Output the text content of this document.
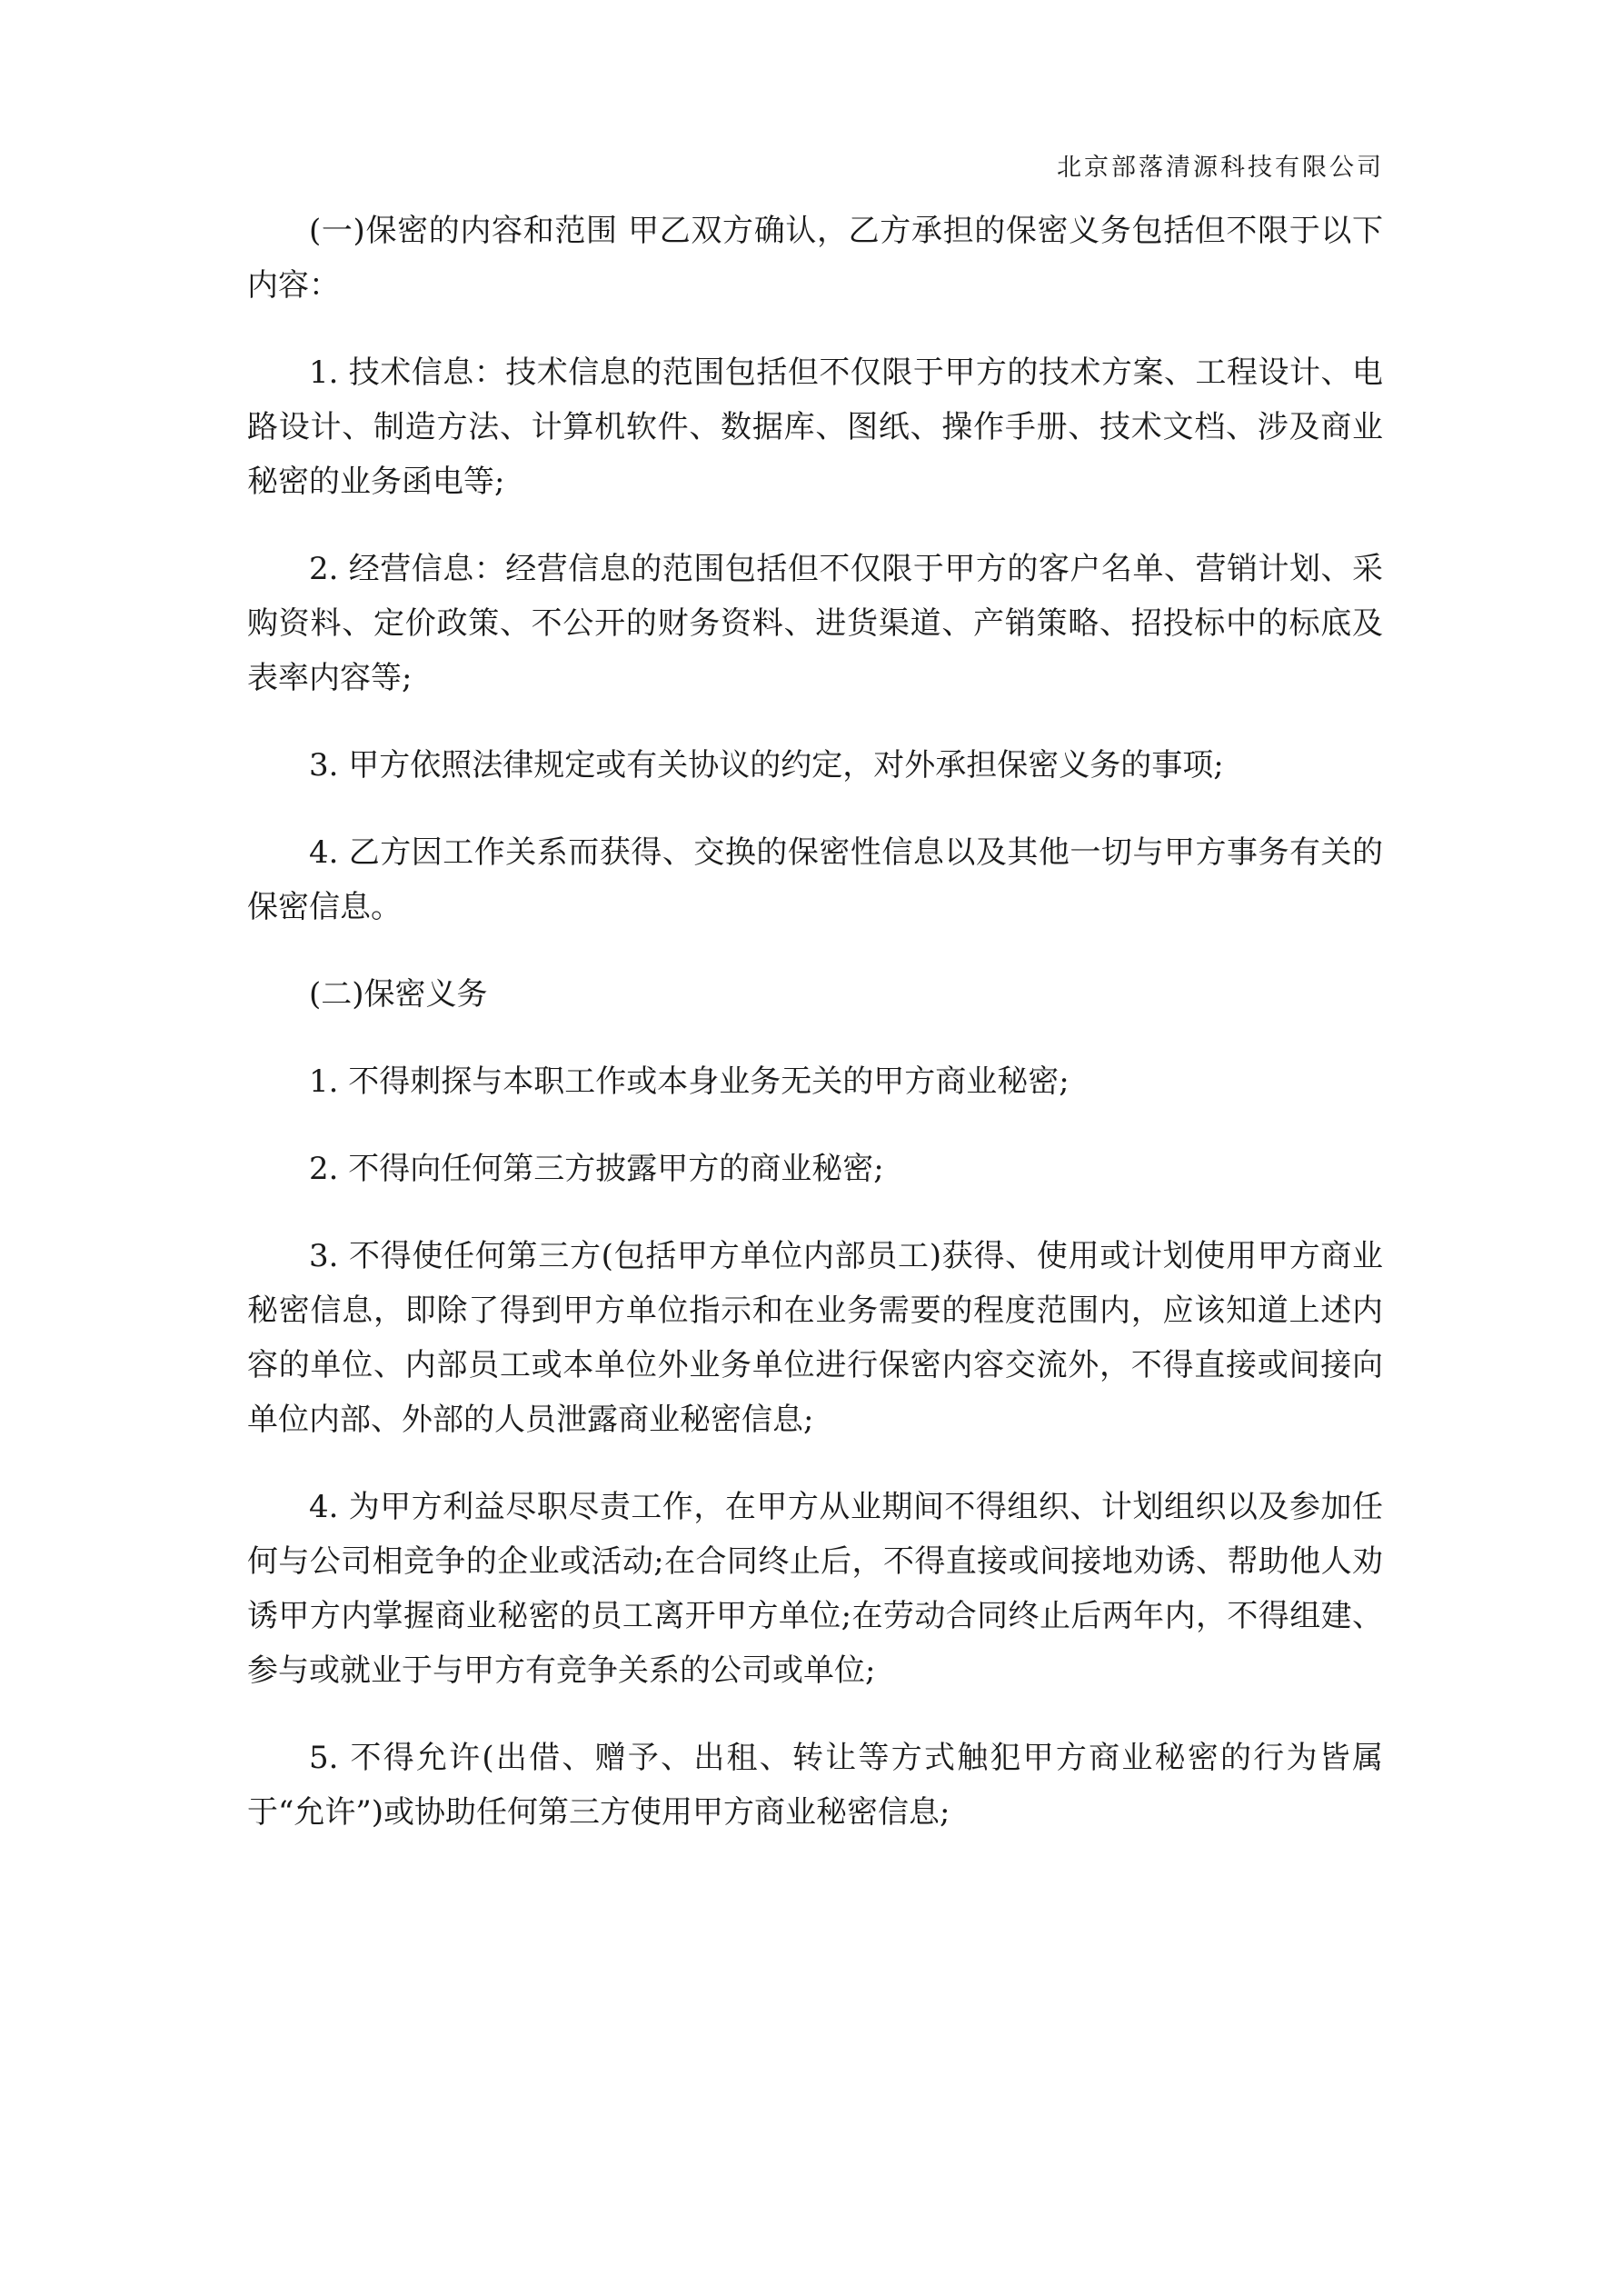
北京部落清源科技有限公司

(一)保密的内容和范围 甲乙双方确认，乙方承担的保密义务包括但不限于以下内容：

1. 技术信息：技术信息的范围包括但不仅限于甲方的技术方案、工程设计、电路设计、制造方法、计算机软件、数据库、图纸、操作手册、技术文档、涉及商业秘密的业务函电等;

2. 经营信息：经营信息的范围包括但不仅限于甲方的客户名单、营销计划、采购资料、定价政策、不公开的财务资料、进货渠道、产销策略、招投标中的标底及表率内容等;

3. 甲方依照法律规定或有关协议的约定，对外承担保密义务的事项;

4. 乙方因工作关系而获得、交换的保密性信息以及其他一切与甲方事务有关的保密信息。

(二)保密义务

1. 不得刺探与本职工作或本身业务无关的甲方商业秘密;

2. 不得向任何第三方披露甲方的商业秘密;

3. 不得使任何第三方(包括甲方单位内部员工)获得、使用或计划使用甲方商业秘密信息，即除了得到甲方单位指示和在业务需要的程度范围内，应该知道上述内容的单位、内部员工或本单位外业务单位进行保密内容交流外，不得直接或间接向单位内部、外部的人员泄露商业秘密信息;

4. 为甲方利益尽职尽责工作，在甲方从业期间不得组织、计划组织以及参加任何与公司相竞争的企业或活动;在合同终止后，不得直接或间接地劝诱、帮助他人劝诱甲方内掌握商业秘密的员工离开甲方单位;在劳动合同终止后两年内，不得组建、参与或就业于与甲方有竞争关系的公司或单位;

5. 不得允许(出借、赠予、出租、转让等方式触犯甲方商业秘密的行为皆属于“允许”)或协助任何第三方使用甲方商业秘密信息;
